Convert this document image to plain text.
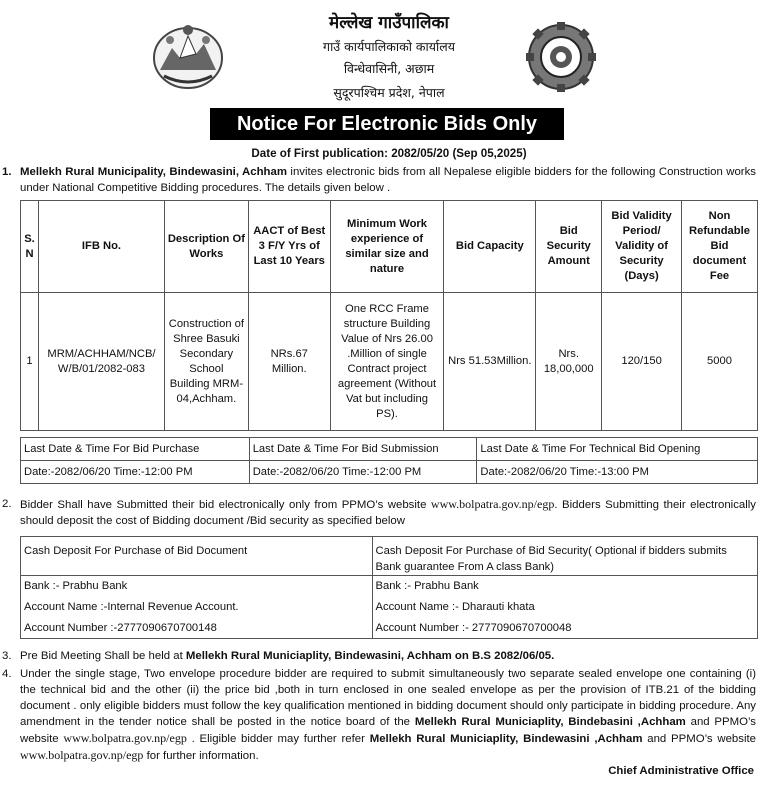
मेल्लेख गाउँपालिका
गाउँ कार्यपालिकाको कार्यालय
विन्धेवासिनी, अछाम
सुदूरपश्चिम प्रदेश, नेपाल
Notice For Electronic Bids Only
Date of First publication: 2082/05/20 (Sep 05,2025)
1. Mellekh Rural Municipality, Bindewasini, Achham invites electronic bids from all Nepalese eligible bidders for the following Construction works under National Competitive Bidding procedures. The details given below .
S. N	IFB No.	Description Of Works	AACT of Best 3 F/Y Yrs of Last 10 Years	Minimum Work experience of similar size and nature	Bid Capacity	Bid Security Amount	Bid Validity Period/ Validity of Security (Days)	Non Refundable Bid document Fee
1	MRM/ACHHAM/NCB/ W/B/01/2082-083	Construction of Shree Basuki Secondary School Building MRM-04,Achham.	NRs.67 Million.	One RCC Frame structure Building Value of Nrs 26.00 .Million of single Contract project agreement (Without Vat but including PS).	Nrs 51.53Million.	Nrs. 18,00,000	120/150	5000
Last Date & Time For Bid Purchase	Last Date & Time For Bid Submission	Last Date & Time For Technical Bid Opening
Date:-2082/06/20 Time:-12:00 PM	Date:-2082/06/20 Time:-12:00 PM	Date:-2082/06/20 Time:-13:00 PM
2. Bidder Shall have Submitted their bid electronically only from PPMO’s website www.bolpatra.gov.np/egp. Bidders Submitting their electronically should deposit the cost of Bidding document /Bid security as specified below
Cash Deposit For Purchase of Bid Document	Cash Deposit For Purchase of Bid Security( Optional if bidders submits Bank guarantee From A class Bank)
Bank :- Prabhu Bank	Bank :- Prabhu Bank
Account Name :-Internal Revenue Account.	Account Name :- Dharauti khata
Account Number :-2777090670700148	Account Number :- 2777090670700048
3. Pre Bid Meeting Shall be held at Mellekh Rural Municiaplity, Bindewasini, Achham on B.S 2082/06/05.
4. Under the single stage, Two envelope procedure bidder are required to submit simultaneously two separate sealed envelope one containing (i) the technical bid and the other (ii) the price bid ,both in turn enclosed in one sealed envelope as per the provision of ITB.21 of the bidding document . only eligible bidders must follow the key qualification mentioned in bidding document should only participate in bidding procedure. Any amendment in the tender notice shall be posted in the notice board of the Mellekh Rural Municiaplity, Bindebasini ,Achham and PPMO’s website www.bolpatra.gov.np/egp . Eligible bidder may further refer Mellekh Rural Municiaplity, Bindewasini ,Achham and PPMO’s website www.bolpatra.gov.np/egp for further information.
Chief Administrative Office
